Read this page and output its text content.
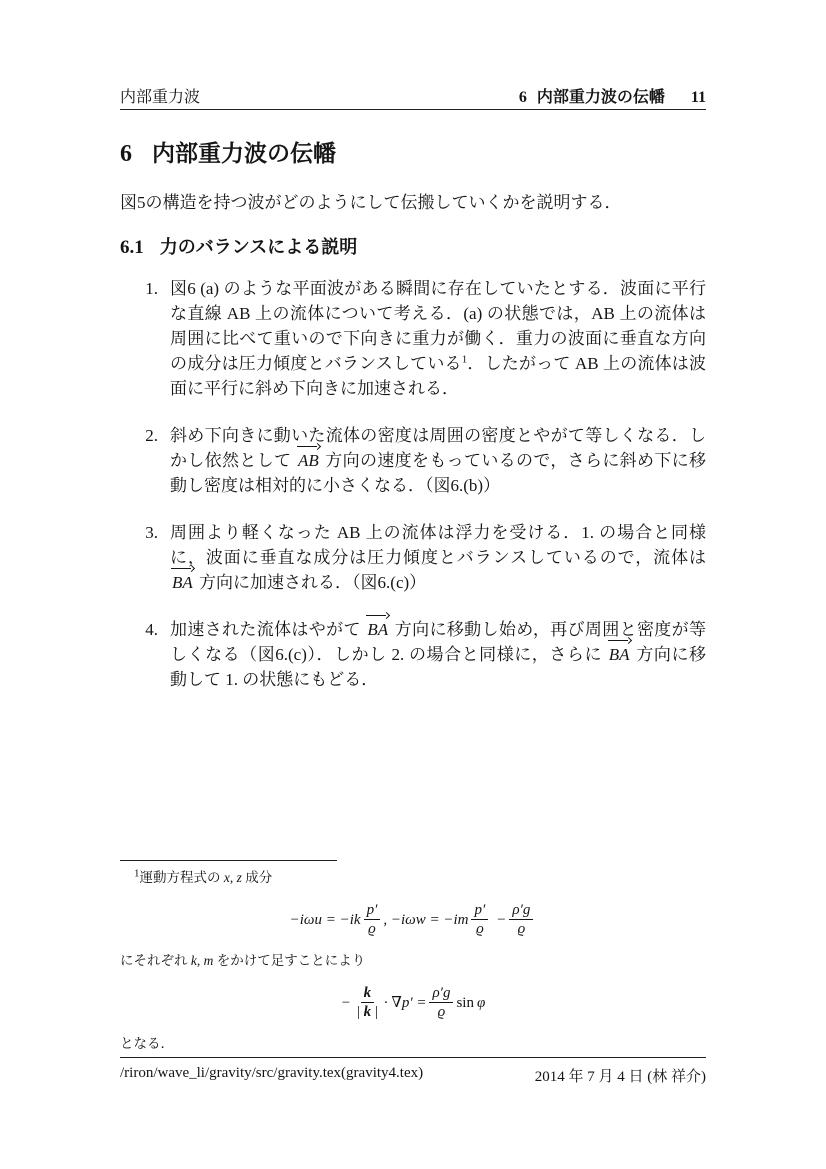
内部重力波	6 内部重力波の伝幡 11
6 内部重力波の伝幡
図5の構造を持つ波がどのようにして伝搬していくかを説明する．
6.1 力のバランスによる説明
1. 図6 (a) のような平面波がある瞬間に存在していたとする．波面に平行な直線 AB 上の流体について考える．(a) の状態では，AB 上の流体は周囲に比べて重いので下向きに重力が働く．重力の波面に垂直な方向の成分は圧力傾度とバランスしている$^1$．したがって AB 上の流体は波面に平行に斜め下向きに加速される．
2. 斜め下向きに動いた流体の密度は周囲の密度とやがて等しくなる．しかし依然として AB 方向の速度をもっているので，さらに斜め下に移動し密度は相対的に小さくなる．（図6.(b)）
3. 周囲より軽くなった AB 上の流体は浮力を受ける．1. の場合と同様に，波面に垂直な成分は圧力傾度とバランスしているので，流体は BA 方向に加速される．（図6.(c)）
4. 加速された流体はやがて BA 方向に移動し始め，再び周囲と密度が等しくなる（図6.(c)）．しかし 2. の場合と同様に，さらに BA 方向に移動して 1. の状態にもどる．
$^1$運動方程式の x, z 成分
$-i\omega u = -ik \frac{p'}{ϱ}$ , $-i\omega w = -im \frac{p'}{ϱ} - \frac{\rho'g}{ϱ}$
にそれぞれ k, m をかけて足すことにより
− $\frac{k}{| k |} \cdot \nabla p' = \frac{\rho'g}{ϱ}$ sin φ
となる．
/riron/wave_li/gravity/src/gravity.tex(gravity4.tex)	2014 年 7 月 4 日 (林 祥介)
